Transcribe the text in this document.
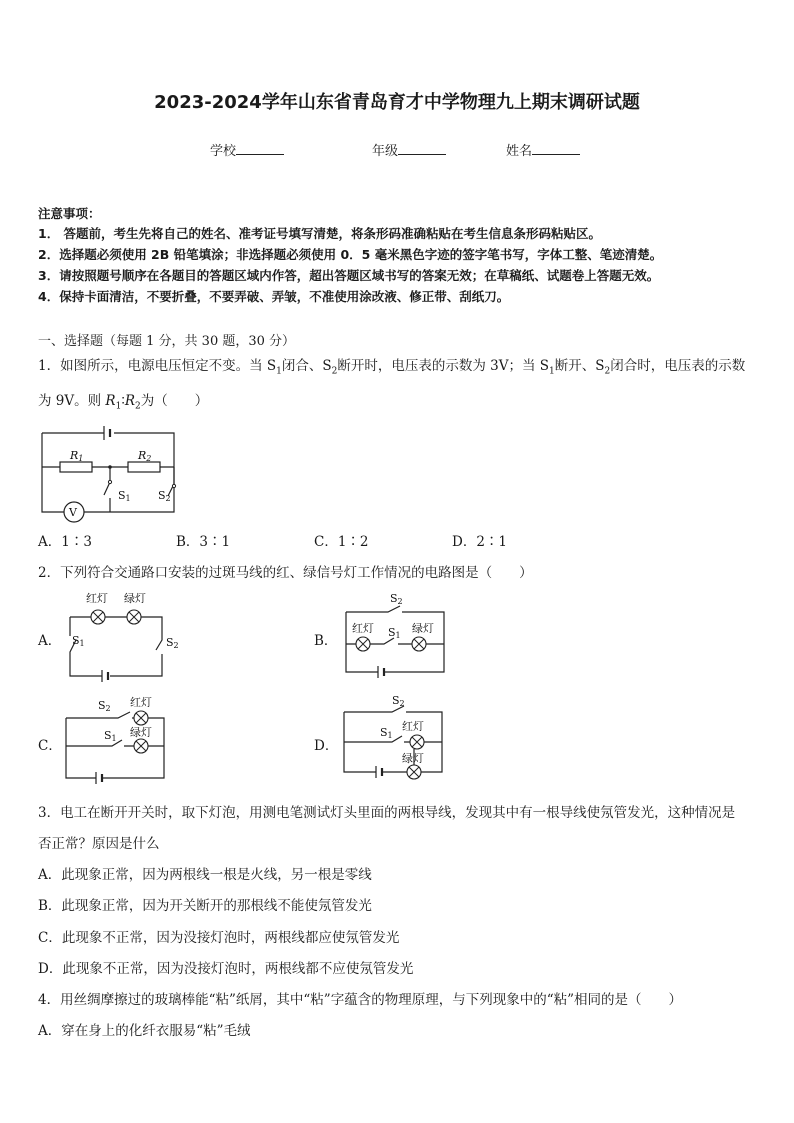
2023-2024学年山东省青岛育才中学物理九上期末调研试题
学校	年级	姓名
注意事项：
1． 答题前，考生先将自己的姓名、准考证号填写清楚，将条形码准确粘贴在考生信息条形码粘贴区。
2．选择题必须使用 2B 铅笔填涂；非选择题必须使用 0．5 毫米黑色字迹的签字笔书写，字体工整、笔迹清楚。
3．请按照题号顺序在各题目的答题区域内作答，超出答题区域书写的答案无效；在草稿纸、试题卷上答题无效。
4．保持卡面清洁，不要折叠，不要弄破、弄皱，不准使用涂改液、修正带、刮纸刀。
一、选择题（每题 1 分，共 30 题，30 分）
1．如图所示，电源电压恒定不变。当 $S_1$闭合、$S_2$断开时，电压表的示数为 3V；当 $S_1$断开、$S_2$闭合时，电压表的示数
为 9V。则 $R_1∶R_2$为（　　）
R1	R2
S1 S2
V
A．1∶3	B．3∶1	C．1∶2	D．2∶1
2．下列符合交通路口安装的过斑马线的红、绿信号灯工作情况的电路图是（　　）
A．
红灯 绿灯
S1	S2	B．
红灯	绿灯
S1
S2
C．
红灯
绿灯
S2
S1	D．
红灯
绿灯
S2
S1
3．电工在断开开关时，取下灯泡，用测电笔测试灯头里面的两根导线，发现其中有一根导线使氖管发光，这种情况是
否正常？原因是什么
A．此现象正常，因为两根线一根是火线，另一根是零线
B．此现象正常，因为开关断开的那根线不能使氖管发光
C．此现象不正常，因为没接灯泡时，两根线都应使氖管发光
D．此现象不正常，因为没接灯泡时，两根线都不应使氖管发光
4．用丝绸摩擦过的玻璃棒能“粘”纸屑，其中“粘”字蕴含的物理原理，与下列现象中的“粘”相同的是（　　）
A．穿在身上的化纤衣服易“粘”毛绒
